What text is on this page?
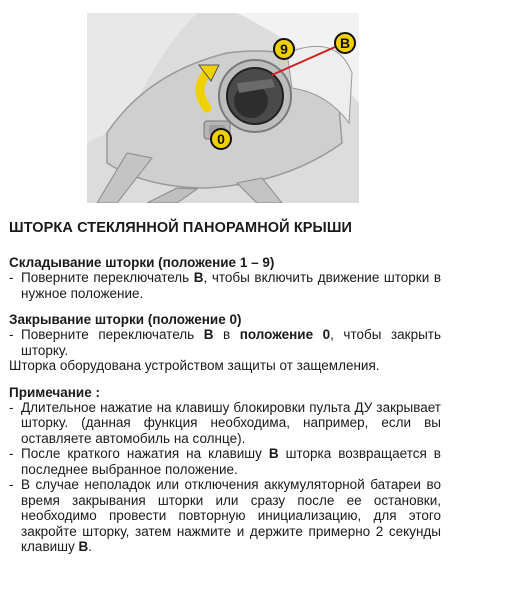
9	B
0
ШТОРКА СТЕКЛЯННОЙ ПАНОРАМНОЙ КРЫШИ
Складывание шторки (положение 1 – 9)
- Поверните переключатель B, чтобы включить движение шторки в нужное положение.
Закрывание шторки (положение 0)
- Поверните переключатель B в положение 0, чтобы закрыть шторку.

Шторка оборудована устройством защиты от защемления.

Примечание :
- Длительное нажатие на клавишу блокировки пульта ДУ закрывает шторку. (данная функция необходима, например, если вы оставляете автомобиль на солнце).
- После краткого нажатия на клавишу B шторка возвращается в последнее выбранное положение.
- В случае неполадок или отключения аккумуляторной батареи во время закрывания шторки или сразу после ее остановки, необходимо провести повторную инициализацию, для этого закройте шторку, затем нажмите и держите примерно 2 секунды клавишу B.
